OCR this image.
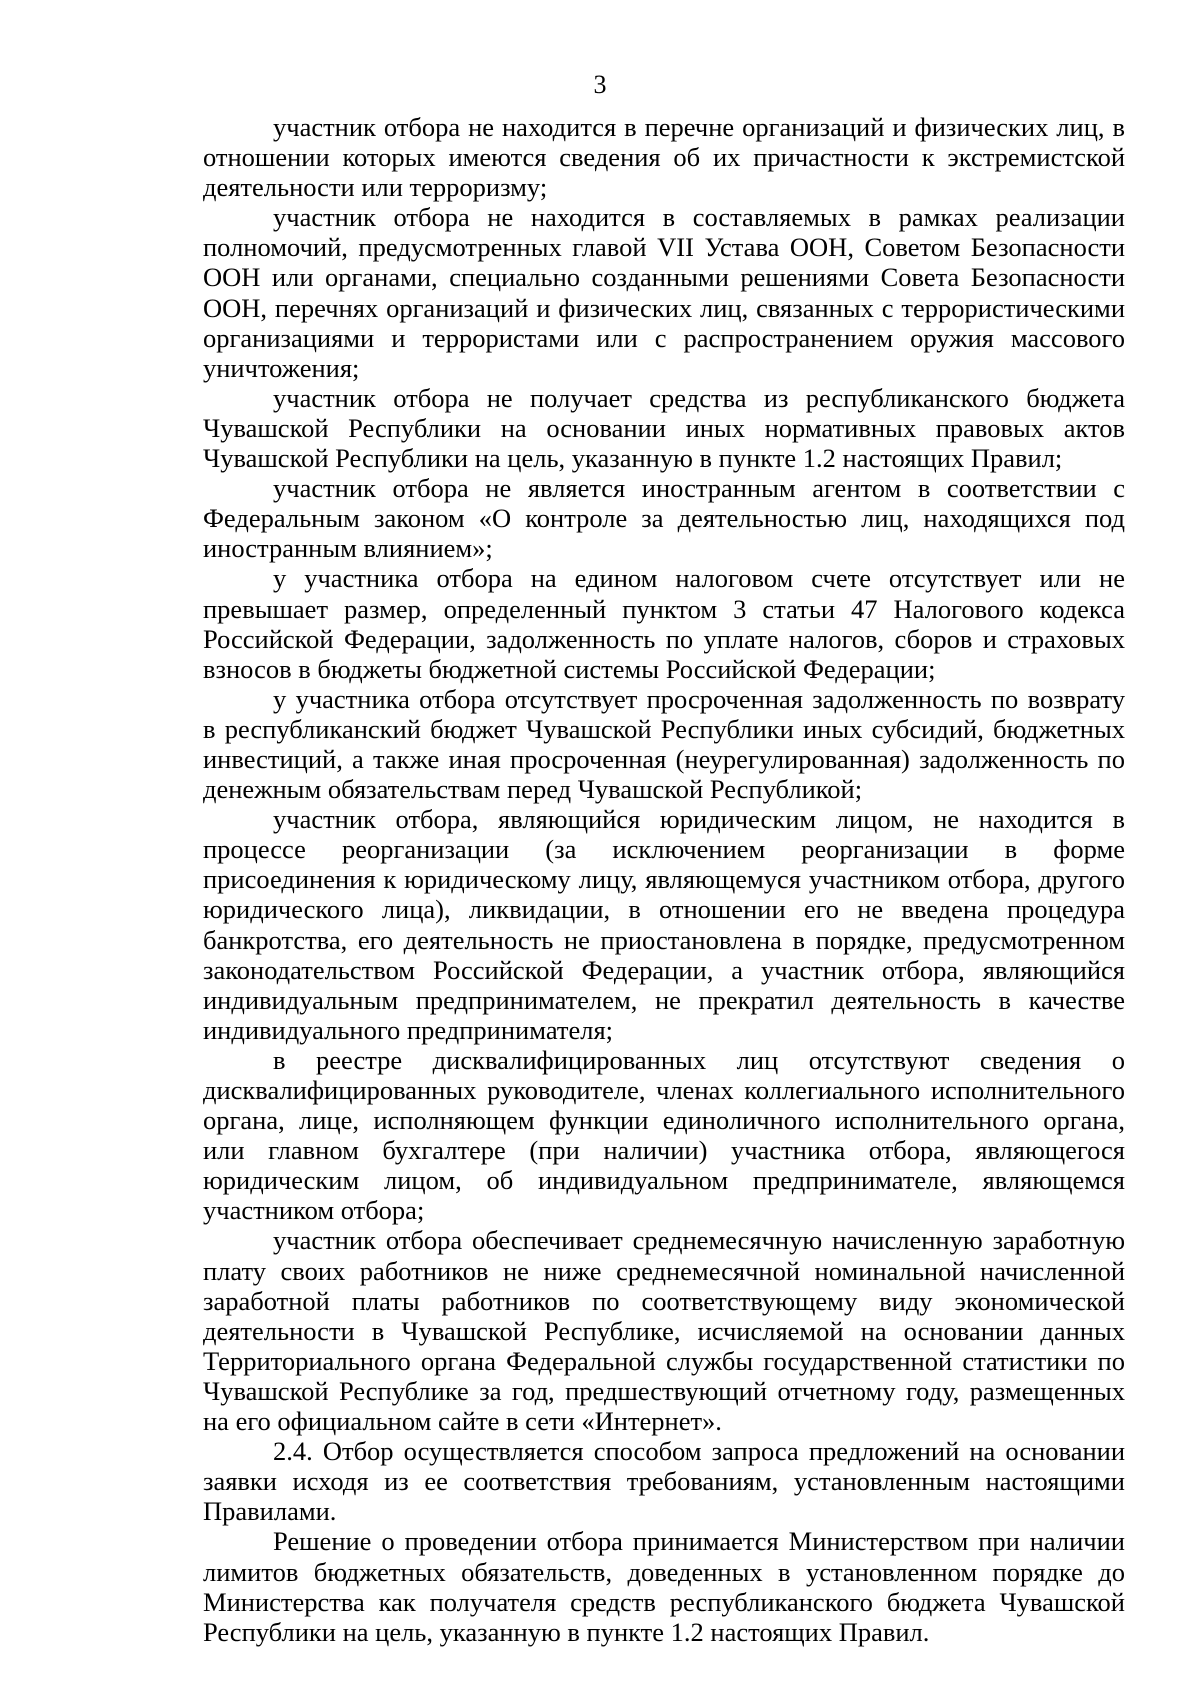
3

участник отбора не находится в перечне организаций и физических лиц, в отношении которых имеются сведения об их причастности к экстремистской деятельности или терроризму;

участник отбора не находится в составляемых в рамках реализации полномочий, предусмотренных главой VII Устава ООН, Советом Безопасности ООН или органами, специально созданными решениями Совета Безопасности ООН, перечнях организаций и физических лиц, связанных с террористическими организациями и террористами или с распространением оружия массового уничтожения;

участник отбора не получает средства из республиканского бюджета Чувашской Республики на основании иных нормативных правовых актов Чувашской Республики на цель, указанную в пункте 1.2 настоящих Правил;

участник отбора не является иностранным агентом в соответствии с Федеральным законом «О контроле за деятельностью лиц, находящихся под иностранным влиянием»;

у участника отбора на едином налоговом счете отсутствует или не превышает размер, определенный пунктом 3 статьи 47 Налогового кодекса Российской Федерации, задолженность по уплате налогов, сборов и страховых взносов в бюджеты бюджетной системы Российской Федерации;

у участника отбора отсутствует просроченная задолженность по возврату в республиканский бюджет Чувашской Республики иных субсидий, бюджетных инвестиций, а также иная просроченная (неурегулированная) задолженность по денежным обязательствам перед Чувашской Республикой;

участник отбора, являющийся юридическим лицом, не находится в процессе реорганизации (за исключением реорганизации в форме присоединения к юридическому лицу, являющемуся участником отбора, другого юридического лица), ликвидации, в отношении его не введена процедура банкротства, его деятельность не приостановлена в порядке, предусмотренном законодательством Российской Федерации, а участник отбора, являющийся индивидуальным предпринимателем, не прекратил деятельность в качестве индивидуального предпринимателя;

в реестре дисквалифицированных лиц отсутствуют сведения о дисквалифицированных руководителе, членах коллегиального исполнительного органа, лице, исполняющем функции единоличного исполнительного органа, или главном бухгалтере (при наличии) участника отбора, являющегося юридическим лицом, об индивидуальном предпринимателе, являющемся участником отбора;

участник отбора обеспечивает среднемесячную начисленную заработную плату своих работников не ниже среднемесячной номинальной начисленной заработной платы работников по соответствующему виду экономической деятельности в Чувашской Республике, исчисляемой на основании данных Территориального органа Федеральной службы государственной статистики по Чувашской Республике за год, предшествующий отчетному году, размещенных на его официальном сайте в сети «Интернет».

2.4. Отбор осуществляется способом запроса предложений на основании заявки исходя из ее соответствия требованиям, установленным настоящими Правилами.

Решение о проведении отбора принимается Министерством при наличии лимитов бюджетных обязательств, доведенных в установленном порядке до Министерства как получателя средств республиканского бюджета Чувашской Республики на цель, указанную в пункте 1.2 настоящих Правил.
